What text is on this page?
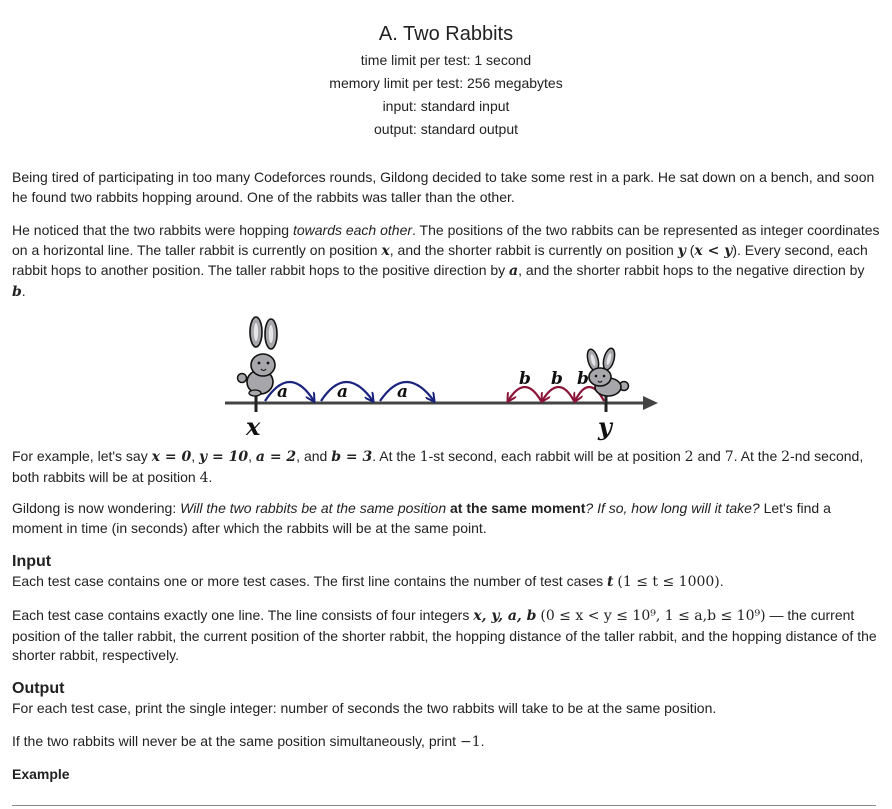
A. Two Rabbits
time limit per test: 1 second
memory limit per test: 256 megabytes
input: standard input
output: standard output

Being tired of participating in too many Codeforces rounds, Gildong decided to take some rest in a park. He sat down on a bench, and soon he found two rabbits hopping around. One of the rabbits was taller than the other.

He noticed that the two rabbits were hopping towards each other. The positions of the two rabbits can be represented as integer coordinates on a horizontal line. The taller rabbit is currently on position x, and the shorter rabbit is currently on position y (x < y). Every second, each rabbit hops to another position. The taller rabbit hops to the positive direction by a, and the shorter rabbit hops to the negative direction by b.

a	a	a
b b b
x	y

For example, let's say x = 0, y = 10, a = 2, and b = 3. At the 1-st second, each rabbit will be at position 2 and 7. At the 2-nd second, both rabbits will be at position 4.

Gildong is now wondering: Will the two rabbits be at the same position at the same moment? If so, how long will it take? Let's find a moment in time (in seconds) after which the rabbits will be at the same point.

Input

Each test case contains one or more test cases. The first line contains the number of test cases t (1 ≤ t ≤ 1000).

Each test case contains exactly one line. The line consists of four integers x, y, a, b (0 ≤ x < y ≤ 10⁹, 1 ≤ a,b ≤ 10⁹) — the current position of the taller rabbit, the current position of the shorter rabbit, the hopping distance of the taller rabbit, and the hopping distance of the shorter rabbit, respectively.

Output

For each test case, print the single integer: number of seconds the two rabbits will take to be at the same position.

If the two rabbits will never be at the same position simultaneously, print −1.

Example
